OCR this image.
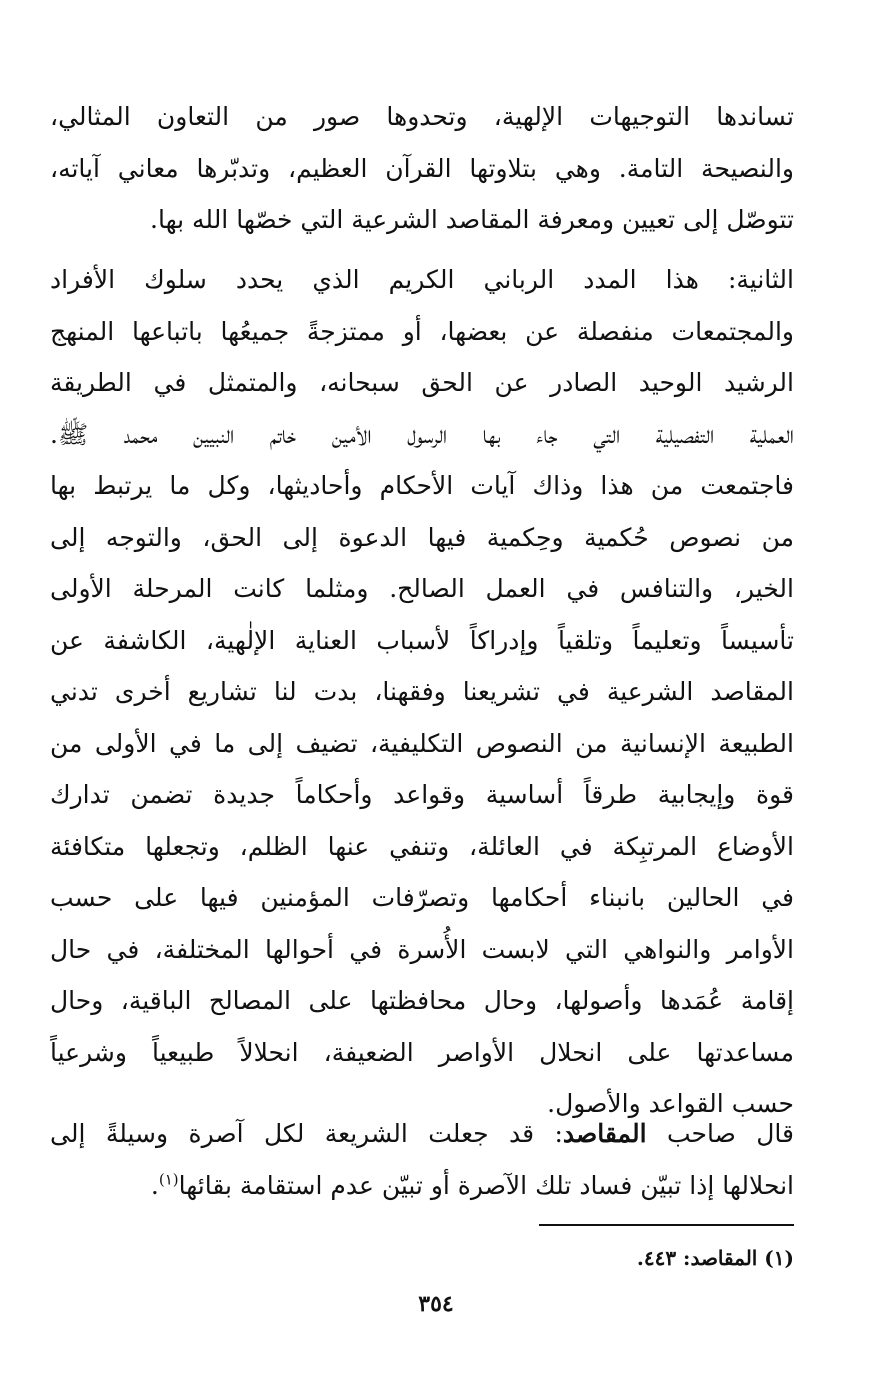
تساندها التوجيهات الإلهية، وتحدوها صور من التعاون المثالي،
والنصيحة التامة. وهي بتلاوتها القرآن العظيم، وتدبّرها معاني آياته،
تتوصّل إلى تعيين ومعرفة المقاصد الشرعية التي خصّها الله بها.
الثانية: هذا المدد الرباني الكريم الذي يحدد سلوك الأفراد
والمجتمعات منفصلة عن بعضها، أو ممتزجةً جميعُها باتباعها المنهج
الرشيد الوحيد الصادر عن الحق سبحانه، والمتمثل في الطريقة
العملية التفصيلية التي جاء بها الرسول الأمين خاتم النبيين محمد ﷺ.
فاجتمعت من هذا وذاك آيات الأحكام وأحاديثها، وكل ما يرتبط بها
من نصوص حُكمية وحِكمية فيها الدعوة إلى الحق، والتوجه إلى
الخير، والتنافس في العمل الصالح. ومثلما كانت المرحلة الأولى
تأسيساً وتعليماً وتلقياً وإدراكاً لأسباب العناية الإلٰهية، الكاشفة عن
المقاصد الشرعية في تشريعنا وفقهنا، بدت لنا تشاريع أخرى تدني
الطبيعة الإنسانية من النصوص التكليفية، تضيف إلى ما في الأولى من
قوة وإيجابية طرقاً أساسية وقواعد وأحكاماً جديدة تضمن تدارك
الأوضاع المرتبِكة في العائلة، وتنفي عنها الظلم، وتجعلها متكافئة
في الحالين بانبناء أحكامها وتصرّفات المؤمنين فيها على حسب
الأوامر والنواهي التي لابست الأُسرة في أحوالها المختلفة، في حال
إقامة عُمَدها وأصولها، وحال محافظتها على المصالح الباقية، وحال
مساعدتها على انحلال الأواصر الضعيفة، انحلالاً طبيعياً وشرعياً
حسب القواعد والأصول.
قال صاحب المقاصد: قد جعلت الشريعة لكل آصرة وسيلةً إلى
انحلالها إذا تبيّن فساد تلك الآصرة أو تبيّن عدم استقامة بقائها$^{(١)}$.
(١) المقاصد: ٤٤٣.
٣٥٤
